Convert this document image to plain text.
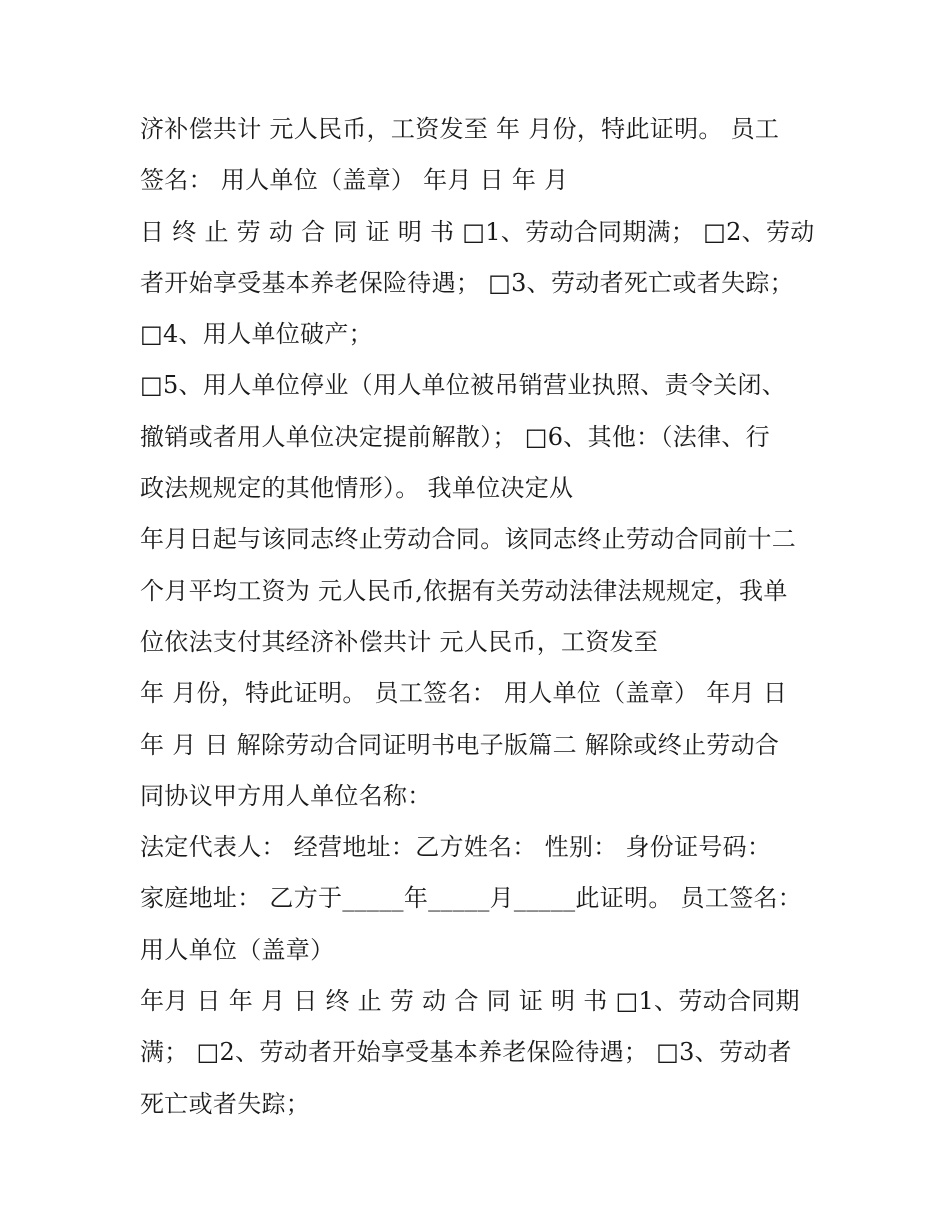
济补偿共计 元人民币，工资发至 年 月份，特此证明。 员工
签名： 用人单位（盖章） 年月 日 年 月
日 终 止 劳 动 合 同 证 明 书 □1、劳动合同期满； □2、劳动
者开始享受基本养老保险待遇； □3、劳动者死亡或者失踪；
□4、用人单位破产；
□5、用人单位停业（用人单位被吊销营业执照、责令关闭、
撤销或者用人单位决定提前解散）； □6、其他：（法律、行
政法规规定的其他情形）。 我单位决定从
年月日起与该同志终止劳动合同。该同志终止劳动合同前十二
个月平均工资为 元人民币,依据有关劳动法律法规规定，我单
位依法支付其经济补偿共计 元人民币，工资发至
年 月份，特此证明。 员工签名： 用人单位（盖章） 年月 日
年 月 日 解除劳动合同证明书电子版篇二 解除或终止劳动合
同协议甲方用人单位名称：
法定代表人： 经营地址：乙方姓名： 性别： 身份证号码：
家庭地址： 乙方于_____年_____月_____此证明。 员工签名：
用人单位（盖章）
年月 日 年 月 日 终 止 劳 动 合 同 证 明 书 □1、劳动合同期
满； □2、劳动者开始享受基本养老保险待遇； □3、劳动者
死亡或者失踪；
